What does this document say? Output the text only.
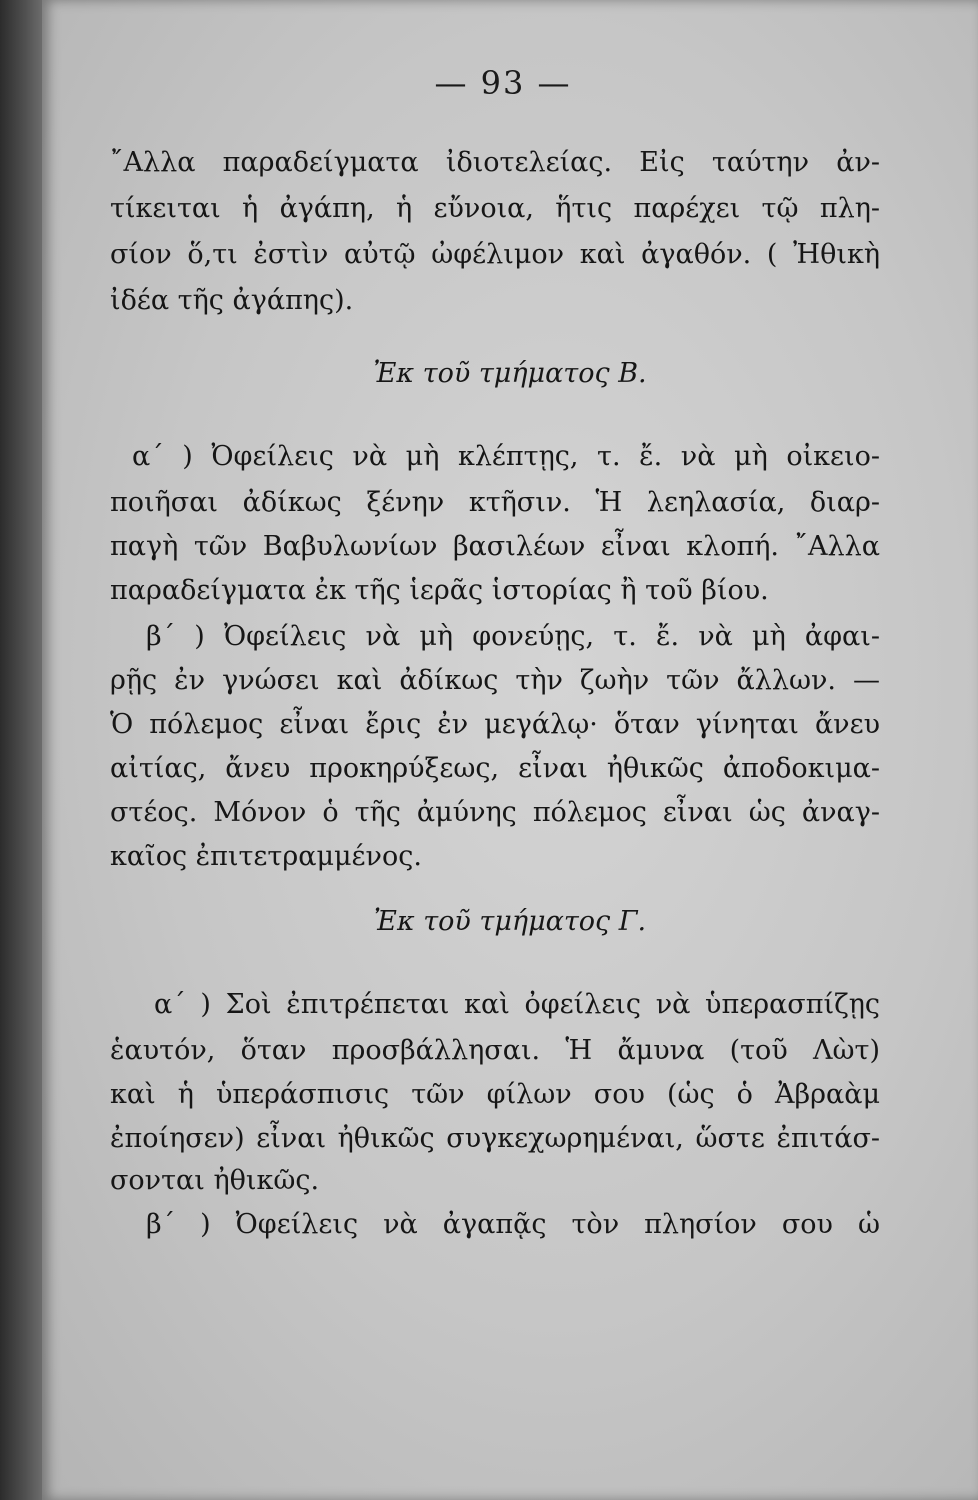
— 93 —
῎Αλλα παραδείγματα ἰδιοτελείας. Εἰς ταύτην ἀν-
τίκειται ἡ ἀγάπη, ἡ εὔνοια, ἥτις παρέχει τῷ πλη-
σίον ὅ,τι ἐστὶν αὐτῷ ὠφέλιμον καὶ ἀγαθόν. ( Ἠθικὴ
ἰδέα τῆς ἀγάπης).
Ἐκ τοῦ τμήματος Β.
α΄ ) Ὀφείλεις νὰ μὴ κλέπτῃς, τ. ἔ. νὰ μὴ οἰκειο-
ποιῆσαι ἀδίκως ξένην κτῆσιν. Ἡ λεηλασία, διαρ-
παγὴ τῶν Βαβυλωνίων βασιλέων εἶναι κλοπή. ῎Αλλα
παραδείγματα ἐκ τῆς ἱερᾶς ἱστορίας ἢ τοῦ βίου.
β΄ ) Ὀφείλεις νὰ μὴ φονεύῃς, τ. ἔ. νὰ μὴ ἀφαι-
ρῇς ἐν γνώσει καὶ ἀδίκως τὴν ζωὴν τῶν ἄλλων. —
Ὁ πόλεμος εἶναι ἔρις ἐν μεγάλῳ· ὅταν γίνηται ἄνευ
αἰτίας, ἄνευ προκηρύξεως, εἶναι ἠθικῶς ἀποδοκιμα-
στέος. Μόνον ὁ τῆς ἀμύνης πόλεμος εἶναι ὡς ἀναγ-
καῖος ἐπιτετραμμένος.
Ἐκ τοῦ τμήματος Γ.
α΄ ) Σοὶ ἐπιτρέπεται καὶ ὀφείλεις νὰ ὑπερασπίζῃς
ἑαυτόν, ὅταν προσβάλλησαι. Ἡ ἄμυνα (τοῦ Λὼτ)
καὶ ἡ ὑπεράσπισις τῶν φίλων σου (ὡς ὁ Ἀβραὰμ
ἐποίησεν) εἶναι ἠθικῶς συγκεχωρημέναι, ὥστε ἐπιτάσ-
σονται ἠθικῶς.
β΄ ) Ὀφείλεις νὰ ἀγαπᾷς τὸν πλησίον σου ὡ
